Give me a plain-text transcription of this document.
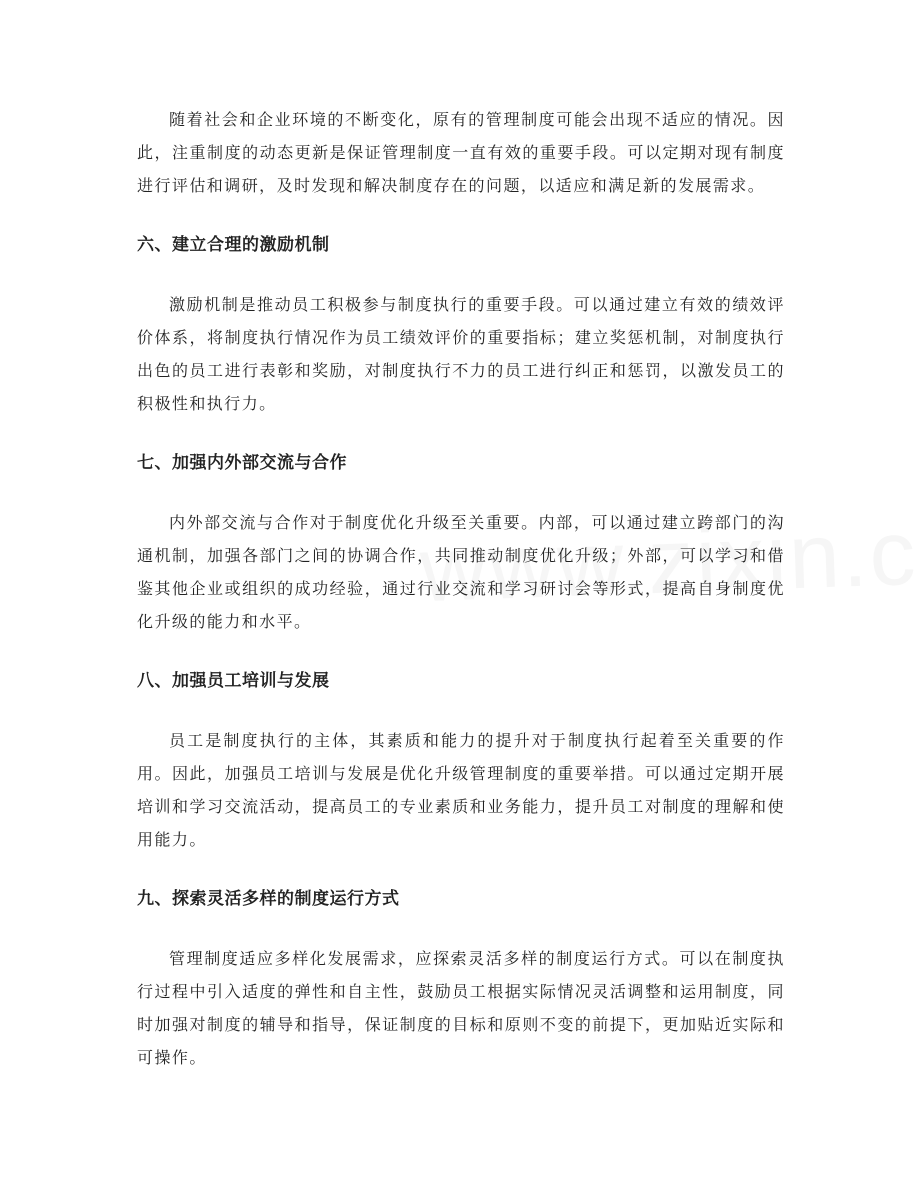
随着社会和企业环境的不断变化，原有的管理制度可能会出现不适应的情况。因此，注重制度的动态更新是保证管理制度一直有效的重要手段。可以定期对现有制度进行评估和调研，及时发现和解决制度存在的问题，以适应和满足新的发展需求。

六、建立合理的激励机制

激励机制是推动员工积极参与制度执行的重要手段。可以通过建立有效的绩效评价体系，将制度执行情况作为员工绩效评价的重要指标；建立奖惩机制，对制度执行出色的员工进行表彰和奖励，对制度执行不力的员工进行纠正和惩罚，以激发员工的积极性和执行力。

七、加强内外部交流与合作

内外部交流与合作对于制度优化升级至关重要。内部，可以通过建立跨部门的沟通机制，加强各部门之间的协调合作，共同推动制度优化升级；外部，可以学习和借鉴其他企业或组织的成功经验，通过行业交流和学习研讨会等形式，提高自身制度优化升级的能力和水平。

八、加强员工培训与发展

员工是制度执行的主体，其素质和能力的提升对于制度执行起着至关重要的作用。因此，加强员工培训与发展是优化升级管理制度的重要举措。可以通过定期开展培训和学习交流活动，提高员工的专业素质和业务能力，提升员工对制度的理解和使用能力。

九、探索灵活多样的制度运行方式

管理制度适应多样化发展需求，应探索灵活多样的制度运行方式。可以在制度执行过程中引入适度的弹性和自主性，鼓励员工根据实际情况灵活调整和运用制度，同时加强对制度的辅导和指导，保证制度的目标和原则不变的前提下，更加贴近实际和可操作。
